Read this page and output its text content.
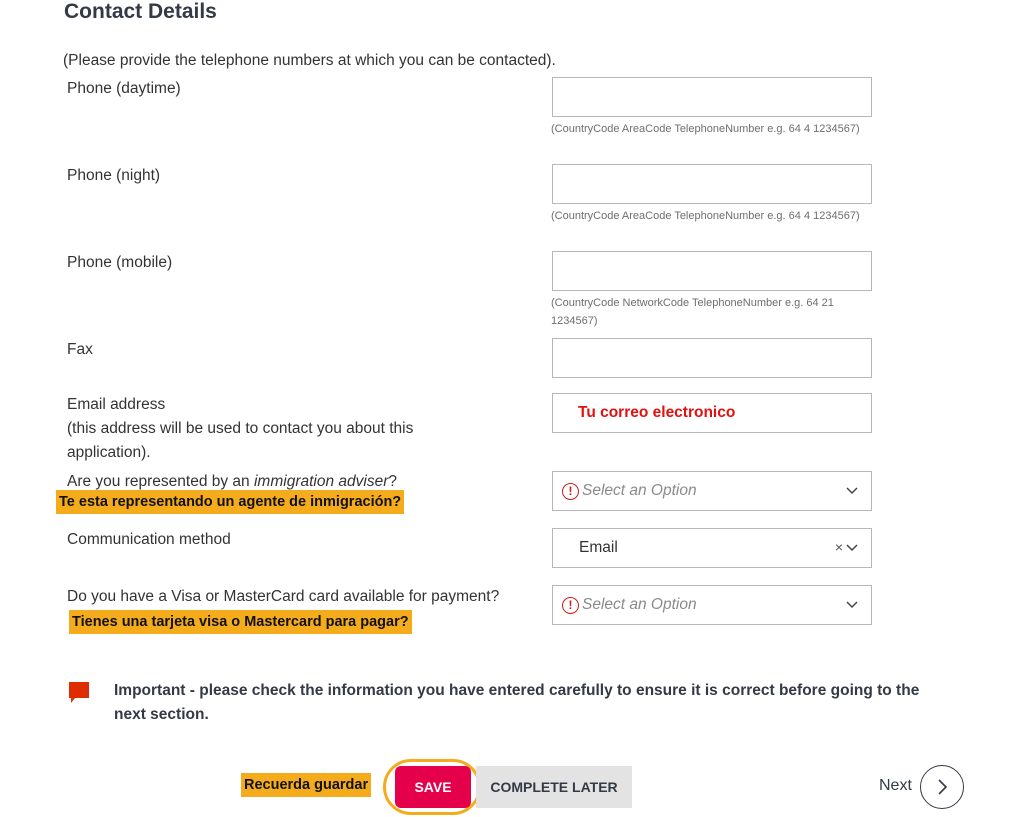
Contact Details
(Please provide the telephone numbers at which you can be contacted).
Phone (daytime)
(CountryCode AreaCode TelephoneNumber e.g. 64 4 1234567)
Phone (night)
(CountryCode AreaCode TelephoneNumber e.g. 64 4 1234567)
Phone (mobile)
(CountryCode NetworkCode TelephoneNumber e.g. 64 21 1234567)
Fax
Email address
(this address will be used to contact you about this
application).
Tu correo electronico
Are you represented by an immigration adviser?
Te esta representando un agente de inmigración?
! Select an Option
Communication method	Email	×
Do you have a Visa or MasterCard card available for payment?
Tienes una tarjeta visa o Mastercard para pagar?
! Select an Option
Important - please check the information you have entered carefully to ensure it is correct before going to the next section.
Recuerda guardar	SAVE	COMPLETE LATER	Next
